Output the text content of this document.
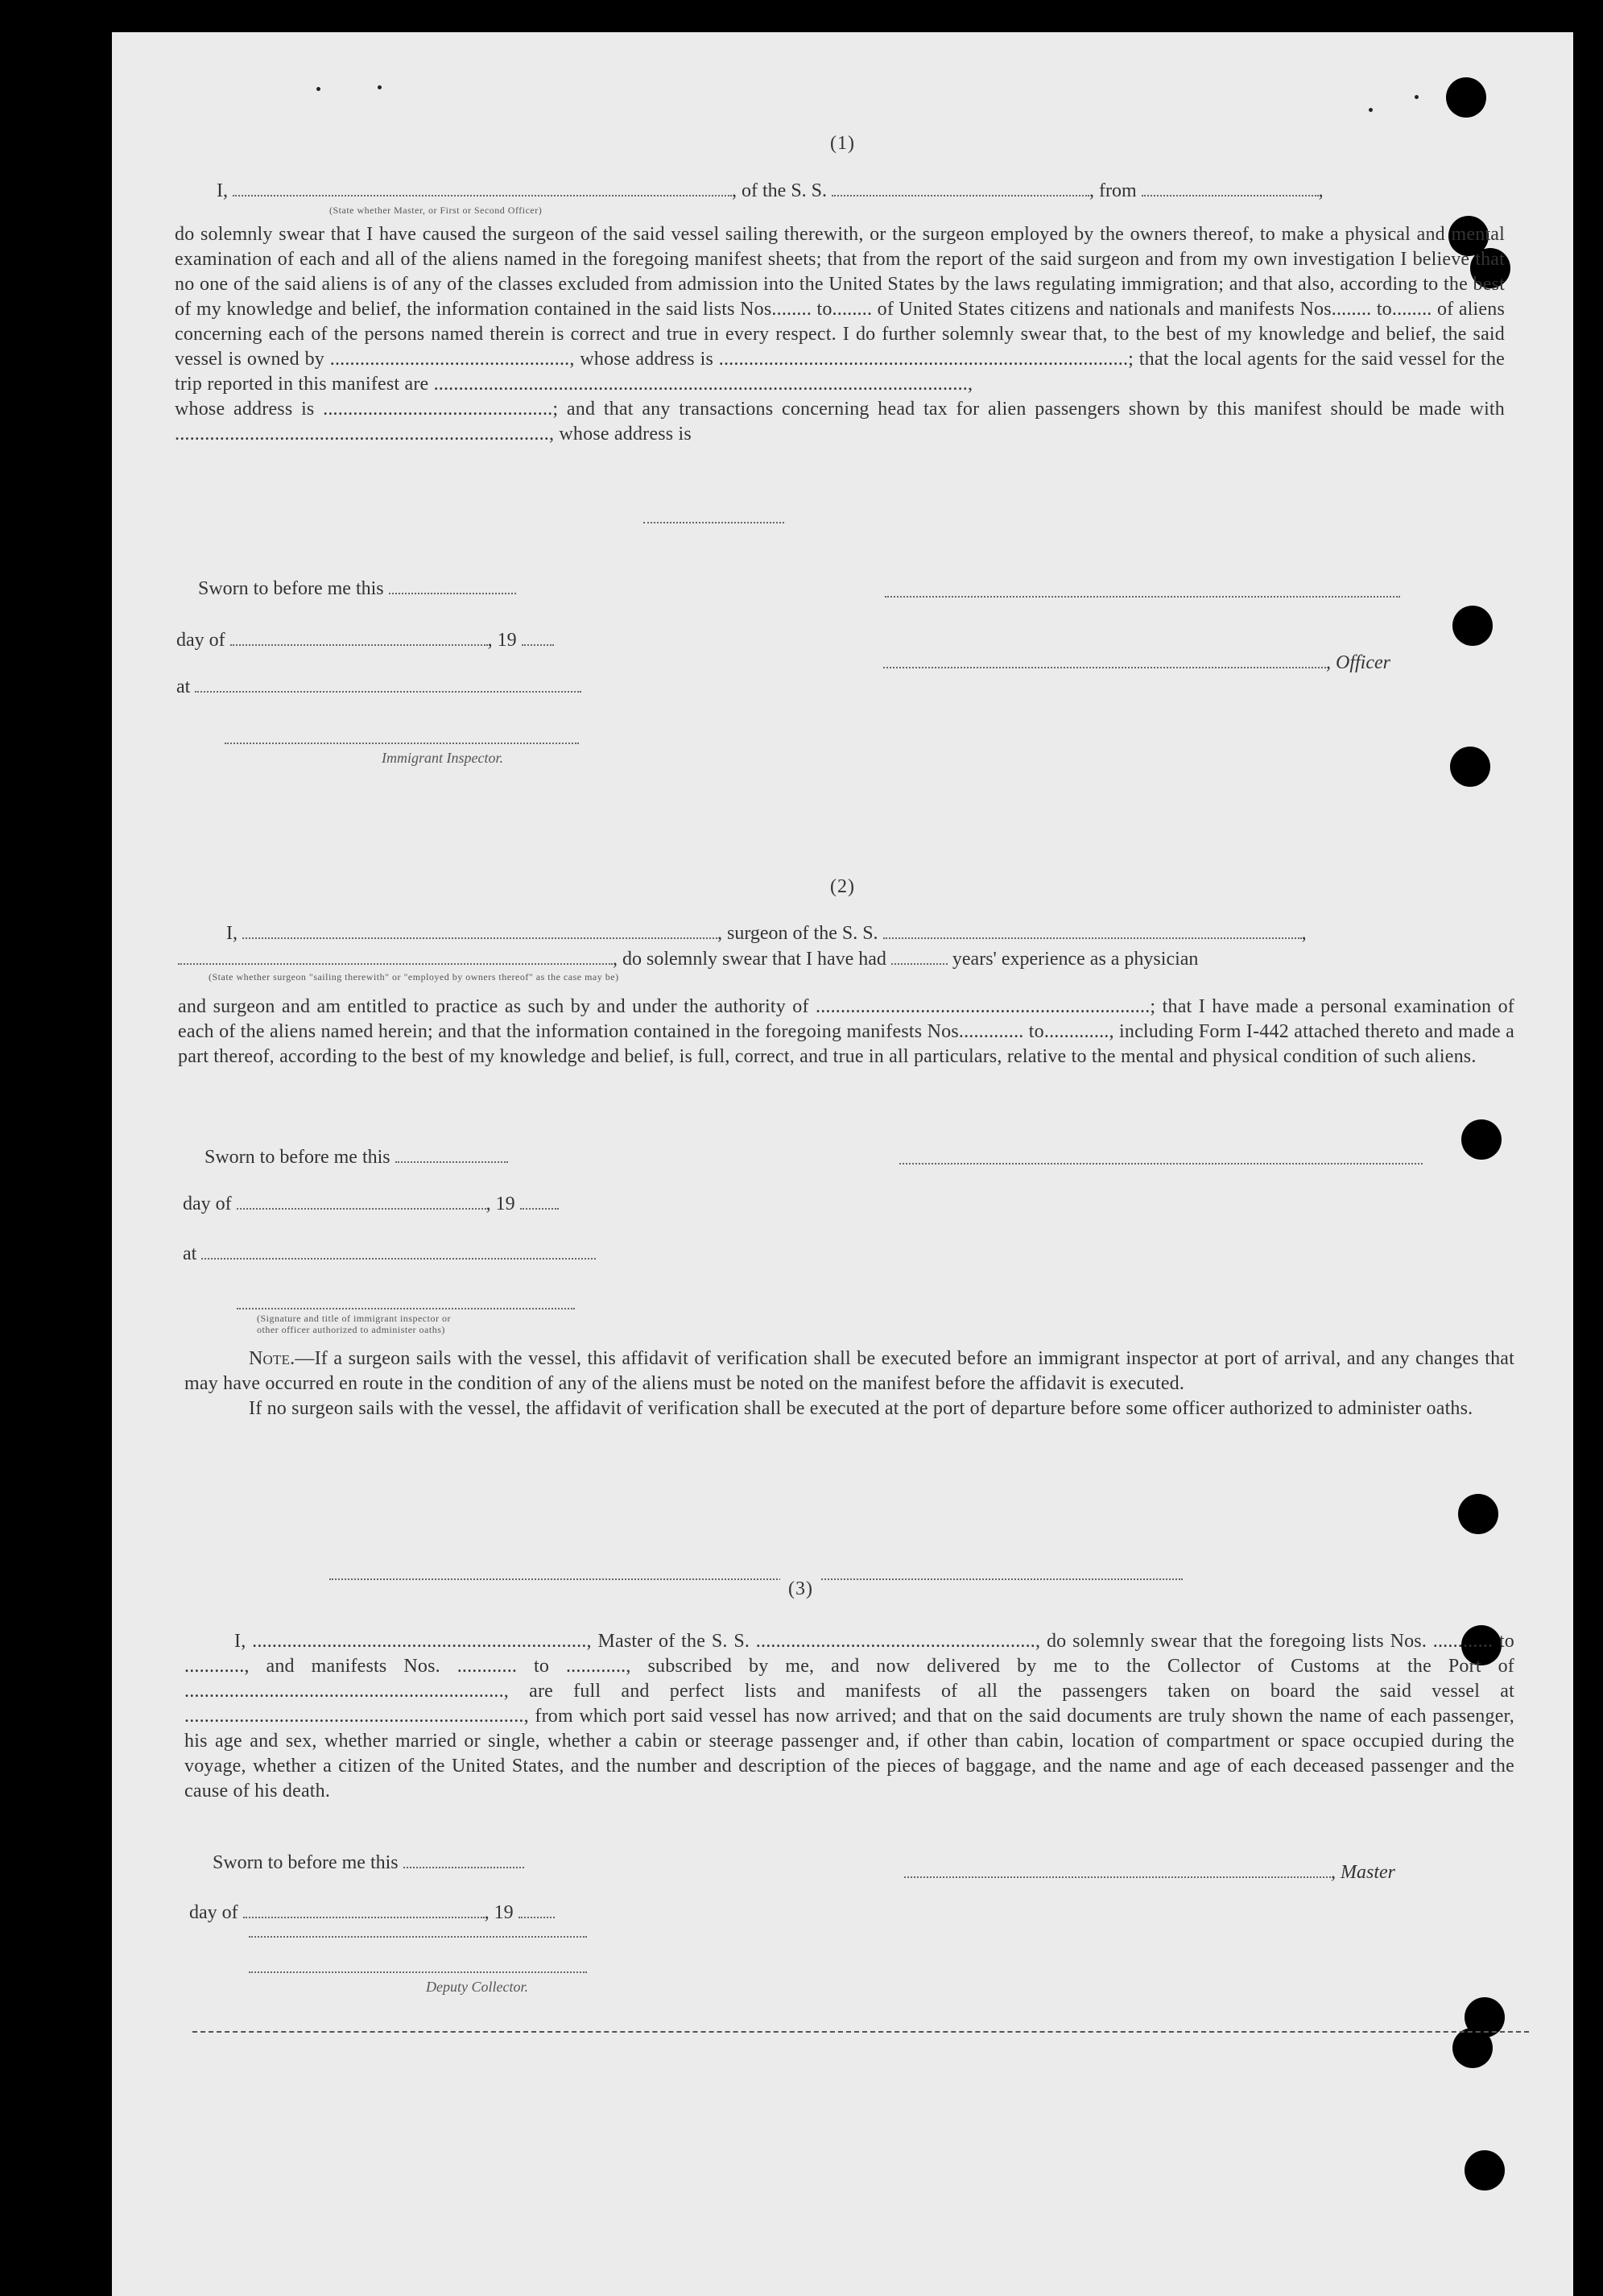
(1)
I,	, of the S. S.	, from	,
(State whether Master, or First or Second Officer)

do solemnly swear that I have caused the surgeon of the said vessel sailing therewith, or the surgeon employed by the owners thereof, to make a physical and mental examination of each and all of the aliens named in the foregoing manifest sheets; that from the report of the said surgeon and from my own investigation I believe that no one of the said aliens is of any of the classes excluded from admission into the United States by the laws regulating immigration; and that also, according to the best of my knowledge and belief, the information contained in the said lists Nos........ to........ of United States citizens and nationals and manifests Nos........ to........ of aliens concerning each of the persons named therein is correct and true in every respect. I do further solemnly swear that, to the best of my knowledge and belief, the said vessel is owned by ................................................, whose address is ..................................................................................; that the local agents for the said vessel for the trip reported in this manifest are ...........................................................................................................,

whose address is ..............................................; and that any transactions concerning head tax for alien passengers shown by this manifest should be made with ..........................................................................., whose address is

Sworn to before me this
day of	, 19
, Officer
at
Immigrant Inspector.
(2)
I,	, surgeon of the S. S.	,
, do solemnly swear that I have had	years' experience as a physician
(State whether surgeon "sailing therewith" or "employed by owners thereof" as the case may be)

and surgeon and am entitled to practice as such by and under the authority of ...................................................................; that I have made a personal examination of each of the aliens named herein; and that the information contained in the foregoing manifests Nos............. to............., including Form I-442 attached thereto and made a part thereof, according to the best of my knowledge and belief, is full, correct, and true in all particulars, relative to the mental and physical condition of such aliens.

Sworn to before me this
day of	, 19
at
(Signature and title of immigrant inspector or
other officer authorized to administer oaths)

Note.—If a surgeon sails with the vessel, this affidavit of verification shall be executed before an immigrant inspector at port of arrival, and any changes that may have occurred en route in the condition of any of the aliens must be noted on the manifest before the affidavit is executed.

If no surgeon sails with the vessel, the affidavit of verification shall be executed at the port of departure before some officer authorized to administer oaths.

(3)

I, ..................................................................., Master of the S. S. ........................................................, do solemnly swear that the foregoing lists Nos. ............ to ............, and manifests Nos. ............ to ............, subscribed by me, and now delivered by me to the Collector of Customs at the Port of ................................................................, are full and perfect lists and manifests of all the passengers taken on board the said vessel at ...................................................................., from which port said vessel has now arrived; and that on the said documents are truly shown the name of each passenger, his age and sex, whether married or single, whether a cabin or steerage passenger and, if other than cabin, location of compartment or space occupied during the voyage, whether a citizen of the United States, and the number and description of the pieces of baggage, and the name and age of each deceased passenger and the cause of his death.

Sworn to before me this	, Master
day of	, 19
Deputy Collector.
